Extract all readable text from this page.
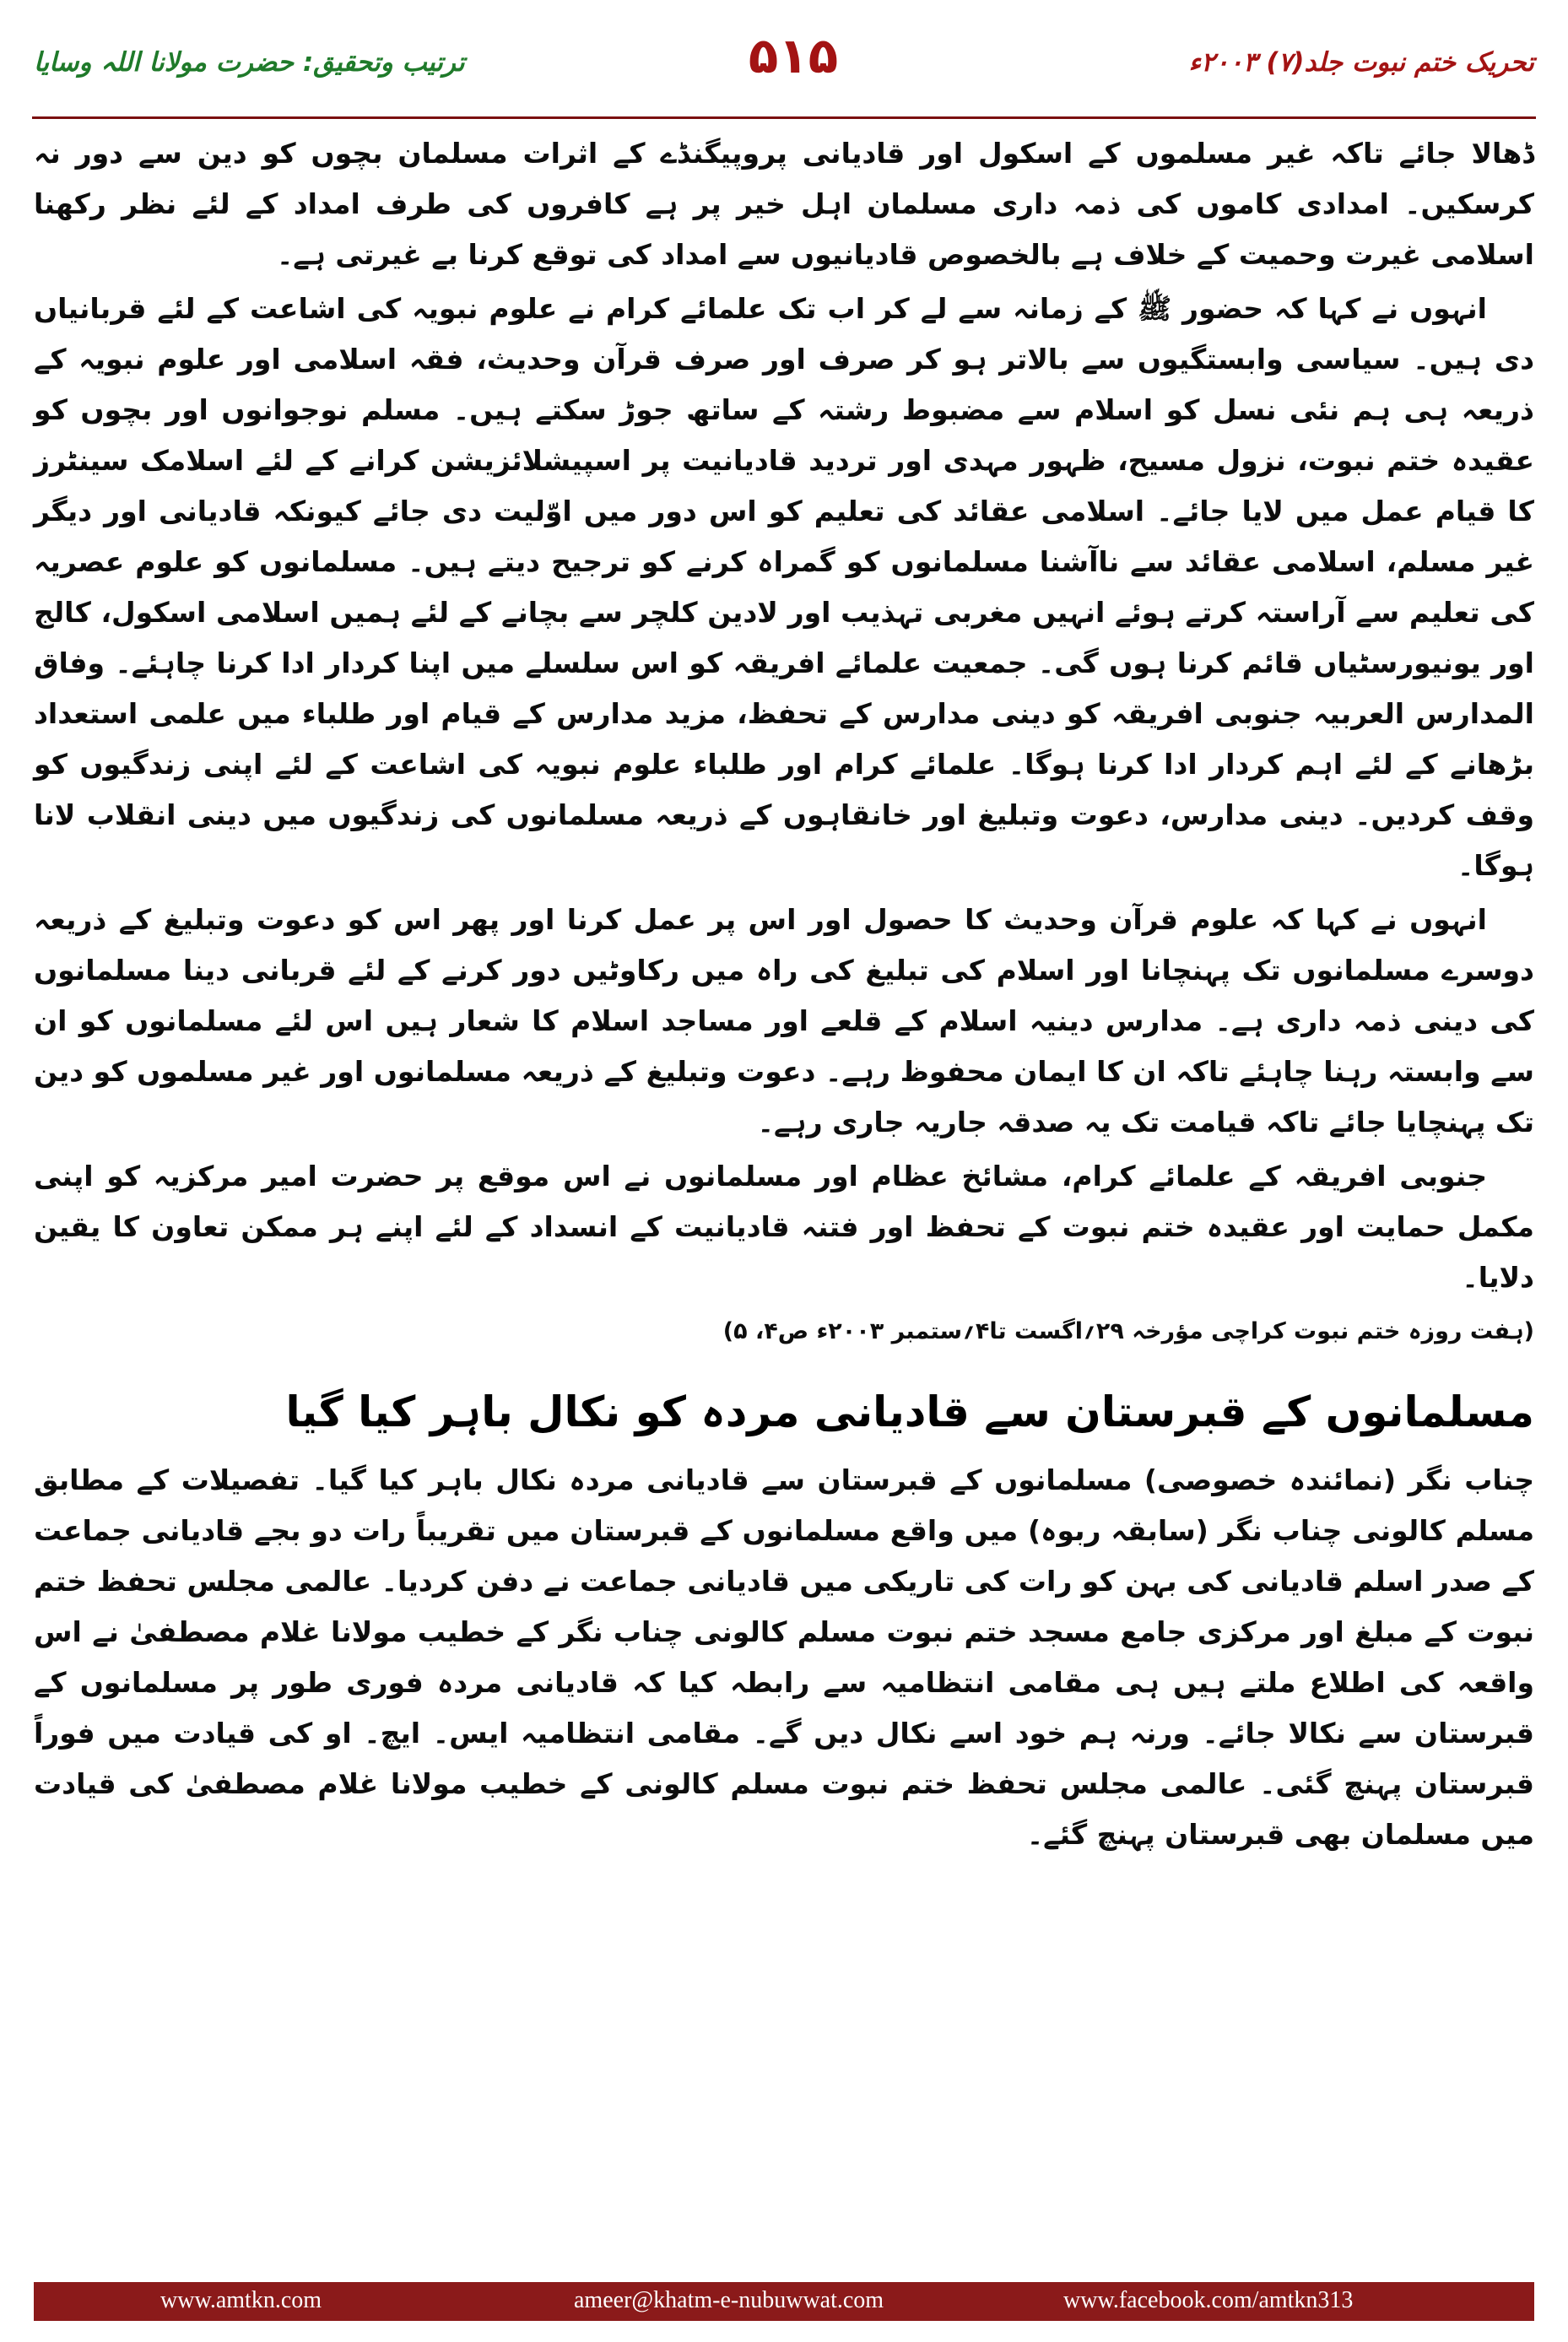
تحریک ختم نبوت جلد(۷) ۲۰۰۳ء
۵۱۵
ترتیب وتحقیق: حضرت مولانا اللہ وسایا

ڈھالا جائے تاکہ غیر مسلموں کے اسکول اور قادیانی پروپیگنڈے کے اثرات مسلمان بچوں کو دین سے دور نہ کرسکیں۔ امدادی کاموں کی ذمہ داری مسلمان اہل خیر پر ہے کافروں کی طرف امداد کے لئے نظر رکھنا اسلامی غیرت وحمیت کے خلاف ہے بالخصوص قادیانیوں سے امداد کی توقع کرنا بے غیرتی ہے۔

انہوں نے کہا کہ حضور ﷺ کے زمانہ سے لے کر اب تک علمائے کرام نے علوم نبویہ کی اشاعت کے لئے قربانیاں دی ہیں۔ سیاسی وابستگیوں سے بالاتر ہو کر صرف اور صرف قرآن وحدیث، فقہ اسلامی اور علوم نبویہ کے ذریعہ ہی ہم نئی نسل کو اسلام سے مضبوط رشتہ کے ساتھ جوڑ سکتے ہیں۔ مسلم نوجوانوں اور بچوں کو عقیدہ ختم نبوت، نزول مسیح، ظہور مہدی اور تردید قادیانیت پر اسپیشلائزیشن کرانے کے لئے اسلامک سینٹرز کا قیام عمل میں لایا جائے۔ اسلامی عقائد کی تعلیم کو اس دور میں اوّلیت دی جائے کیونکہ قادیانی اور دیگر غیر مسلم، اسلامی عقائد سے ناآشنا مسلمانوں کو گمراہ کرنے کو ترجیح دیتے ہیں۔ مسلمانوں کو علوم عصریہ کی تعلیم سے آراستہ کرتے ہوئے انہیں مغربی تہذیب اور لادین کلچر سے بچانے کے لئے ہمیں اسلامی اسکول، کالج اور یونیورسٹیاں قائم کرنا ہوں گی۔ جمعیت علمائے افریقہ کو اس سلسلے میں اپنا کردار ادا کرنا چاہئے۔ وفاق المدارس العربیہ جنوبی افریقہ کو دینی مدارس کے تحفظ، مزید مدارس کے قیام اور طلباء میں علمی استعداد بڑھانے کے لئے اہم کردار ادا کرنا ہوگا۔ علمائے کرام اور طلباء علوم نبویہ کی اشاعت کے لئے اپنی زندگیوں کو وقف کردیں۔ دینی مدارس، دعوت وتبلیغ اور خانقاہوں کے ذریعہ مسلمانوں کی زندگیوں میں دینی انقلاب لانا ہوگا۔

انہوں نے کہا کہ علوم قرآن وحدیث کا حصول اور اس پر عمل کرنا اور پھر اس کو دعوت وتبلیغ کے ذریعہ دوسرے مسلمانوں تک پہنچانا اور اسلام کی تبلیغ کی راہ میں رکاوٹیں دور کرنے کے لئے قربانی دینا مسلمانوں کی دینی ذمہ داری ہے۔ مدارس دینیہ اسلام کے قلعے اور مساجد اسلام کا شعار ہیں اس لئے مسلمانوں کو ان سے وابستہ رہنا چاہئے تاکہ ان کا ایمان محفوظ رہے۔ دعوت وتبلیغ کے ذریعہ مسلمانوں اور غیر مسلموں کو دین تک پہنچایا جائے تاکہ قیامت تک یہ صدقہ جاریہ جاری رہے۔

جنوبی افریقہ کے علمائے کرام، مشائخ عظام اور مسلمانوں نے اس موقع پر حضرت امیر مرکزیہ کو اپنی مکمل حمایت اور عقیدہ ختم نبوت کے تحفظ اور فتنہ قادیانیت کے انسداد کے لئے اپنے ہر ممکن تعاون کا یقین دلایا۔

(ہفت روزہ ختم نبوت کراچی مؤرخہ ۲۹؍اگست تا۴؍ستمبر ۲۰۰۳ء ص۴، ۵)

مسلمانوں کے قبرستان سے قادیانی مردہ کو نکال باہر کیا گیا

چناب نگر (نمائندہ خصوصی) مسلمانوں کے قبرستان سے قادیانی مردہ نکال باہر کیا گیا۔ تفصیلات کے مطابق مسلم کالونی چناب نگر (سابقہ ربوہ) میں واقع مسلمانوں کے قبرستان میں تقریباً رات دو بجے قادیانی جماعت کے صدر اسلم قادیانی کی بہن کو رات کی تاریکی میں قادیانی جماعت نے دفن کردیا۔ عالمی مجلس تحفظ ختم نبوت کے مبلغ اور مرکزی جامع مسجد ختم نبوت مسلم کالونی چناب نگر کے خطیب مولانا غلام مصطفیٰ نے اس واقعہ کی اطلاع ملتے ہیں ہی مقامی انتظامیہ سے رابطہ کیا کہ قادیانی مردہ فوری طور پر مسلمانوں کے قبرستان سے نکالا جائے۔ ورنہ ہم خود اسے نکال دیں گے۔ مقامی انتظامیہ ایس۔ ایچ۔ او کی قیادت میں فوراً قبرستان پہنچ گئی۔ عالمی مجلس تحفظ ختم نبوت مسلم کالونی کے خطیب مولانا غلام مصطفیٰ کی قیادت میں مسلمان بھی قبرستان پہنچ گئے۔

www.amtkn.com	ameer@khatm-e-nubuwwat.com	www.facebook.com/amtkn313
